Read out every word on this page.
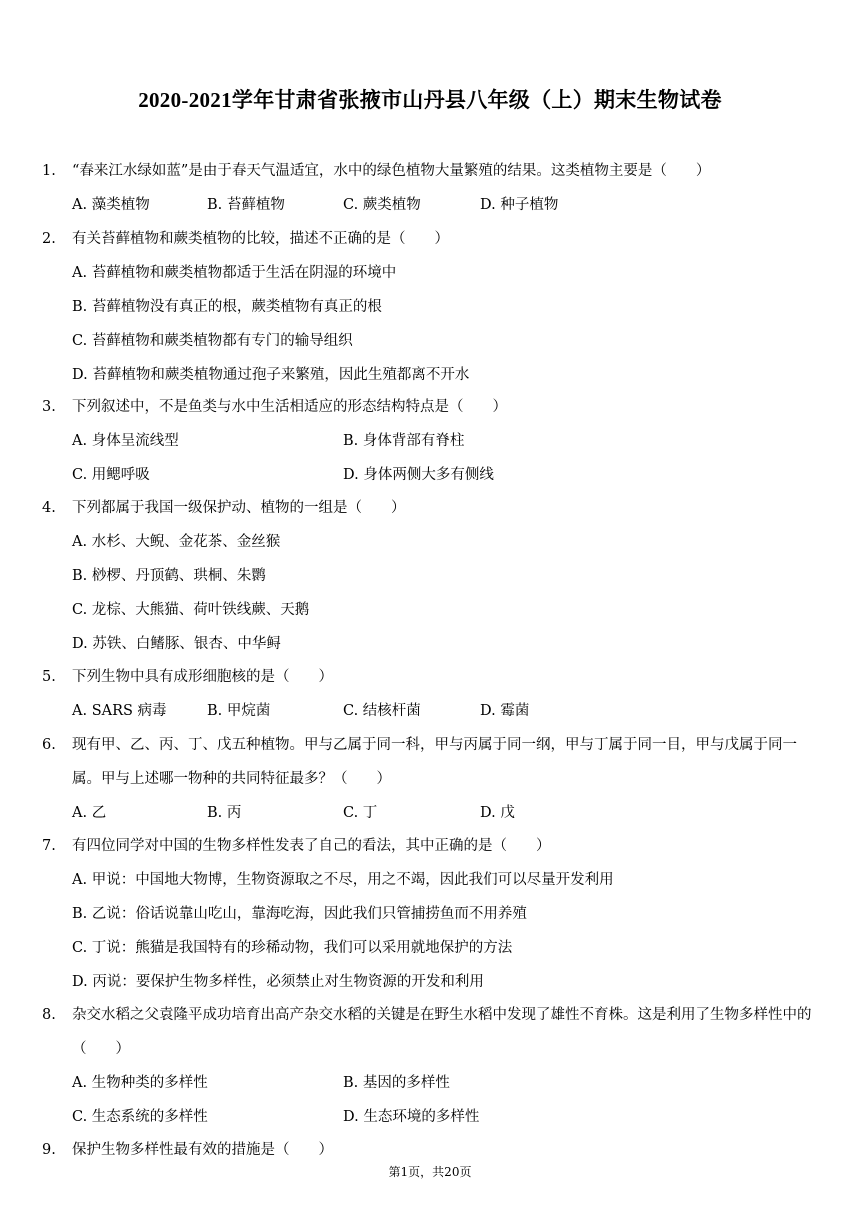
2020-2021学年甘肃省张掖市山丹县八年级（上）期末生物试卷
1. “春来江水绿如蓝”是由于春天气温适宜，水中的绿色植物大量繁殖的结果。这类植物主要是（　　）
A. 藻类植物	B. 苔藓植物	C. 蕨类植物	D. 种子植物
2. 有关苔藓植物和蕨类植物的比较，描述不正确的是（　　）
A. 苔藓植物和蕨类植物都适于生活在阴湿的环境中
B. 苔藓植物没有真正的根，蕨类植物有真正的根
C. 苔藓植物和蕨类植物都有专门的输导组织
D. 苔藓植物和蕨类植物通过孢子来繁殖，因此生殖都离不开水
3. 下列叙述中，不是鱼类与水中生活相适应的形态结构特点是（　　）
A. 身体呈流线型	B. 身体背部有脊柱
C. 用鳃呼吸	D. 身体两侧大多有侧线
4. 下列都属于我国一级保护动、植物的一组是（　　）
A. 水杉、大鲵、金花茶、金丝猴
B. 桫椤、丹顶鹤、珙桐、朱鹮
C. 龙棕、大熊猫、荷叶铁线蕨、天鹅
D. 苏铁、白鳍豚、银杏、中华鲟
5. 下列生物中具有成形细胞核的是（　　）
A. SARS 病毒	B. 甲烷菌	C. 结核杆菌	D. 霉菌
6. 现有甲、乙、丙、丁、戊五种植物。甲与乙属于同一科，甲与丙属于同一纲，甲与丁属于同一目，甲与戊属于同一属。甲与上述哪一物种的共同特征最多？（　　）
A. 乙	B. 丙	C. 丁	D. 戊
7. 有四位同学对中国的生物多样性发表了自己的看法，其中正确的是（　　）
A. 甲说：中国地大物博，生物资源取之不尽，用之不竭，因此我们可以尽量开发利用
B. 乙说：俗话说靠山吃山，靠海吃海，因此我们只管捕捞鱼而不用养殖
C. 丁说：熊猫是我国特有的珍稀动物，我们可以采用就地保护的方法
D. 丙说：要保护生物多样性，必须禁止对生物资源的开发和利用
8. 杂交水稻之父袁隆平成功培育出高产杂交水稻的关键是在野生水稻中发现了雄性不育株。这是利用了生物多样性中的（　　）
A. 生物种类的多样性	B. 基因的多样性
C. 生态系统的多样性	D. 生态环境的多样性
9. 保护生物多样性最有效的措施是（　　）
第1页，共20页
